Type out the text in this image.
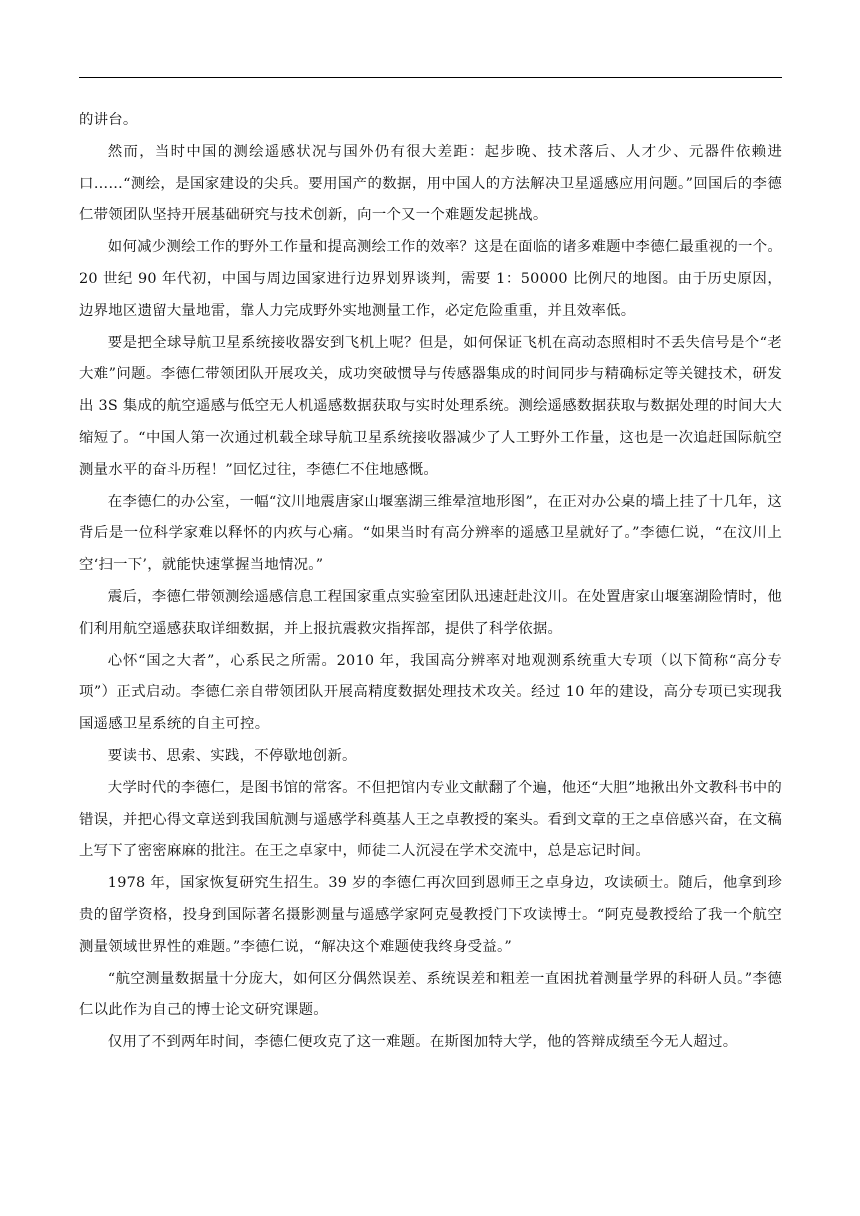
的讲台。

然而，当时中国的测绘遥感状况与国外仍有很大差距：起步晚、技术落后、人才少、元器件依赖进口……“测绘，是国家建设的尖兵。要用国产的数据，用中国人的方法解决卫星遥感应用问题。”回国后的李德仁带领团队坚持开展基础研究与技术创新，向一个又一个难题发起挑战。

如何减少测绘工作的野外工作量和提高测绘工作的效率？这是在面临的诸多难题中李德仁最重视的一个。20 世纪 90 年代初，中国与周边国家进行边界划界谈判，需要 1：50000 比例尺的地图。由于历史原因，边界地区遗留大量地雷，靠人力完成野外实地测量工作，必定危险重重，并且效率低。

要是把全球导航卫星系统接收器安到飞机上呢？但是，如何保证飞机在高动态照相时不丢失信号是个“老大难”问题。李德仁带领团队开展攻关，成功突破惯导与传感器集成的时间同步与精确标定等关键技术，研发出 3S 集成的航空遥感与低空无人机遥感数据获取与实时处理系统。测绘遥感数据获取与数据处理的时间大大缩短了。“中国人第一次通过机载全球导航卫星系统接收器减少了人工野外工作量，这也是一次追赶国际航空测量水平的奋斗历程！”回忆过往，李德仁不住地感慨。

在李德仁的办公室，一幅“汶川地震唐家山堰塞湖三维晕渲地形图”，在正对办公桌的墙上挂了十几年，这背后是一位科学家难以释怀的内疚与心痛。“如果当时有高分辨率的遥感卫星就好了。”李德仁说，“在汶川上空‘扫一下’，就能快速掌握当地情况。”

震后，李德仁带领测绘遥感信息工程国家重点实验室团队迅速赶赴汶川。在处置唐家山堰塞湖险情时，他们利用航空遥感获取详细数据，并上报抗震救灾指挥部，提供了科学依据。

心怀“国之大者”，心系民之所需。2010 年，我国高分辨率对地观测系统重大专项（以下简称“高分专项”）正式启动。李德仁亲自带领团队开展高精度数据处理技术攻关。经过 10 年的建设，高分专项已实现我国遥感卫星系统的自主可控。

要读书、思索、实践，不停歇地创新。

大学时代的李德仁，是图书馆的常客。不但把馆内专业文献翻了个遍，他还“大胆”地揪出外文教科书中的错误，并把心得文章送到我国航测与遥感学科奠基人王之卓教授的案头。看到文章的王之卓倍感兴奋，在文稿上写下了密密麻麻的批注。在王之卓家中，师徒二人沉浸在学术交流中，总是忘记时间。

1978 年，国家恢复研究生招生。39 岁的李德仁再次回到恩师王之卓身边，攻读硕士。随后，他拿到珍贵的留学资格，投身到国际著名摄影测量与遥感学家阿克曼教授门下攻读博士。“阿克曼教授给了我一个航空测量领域世界性的难题。”李德仁说，“解决这个难题使我终身受益。”

“航空测量数据量十分庞大，如何区分偶然误差、系统误差和粗差一直困扰着测量学界的科研人员。”李德仁以此作为自己的博士论文研究课题。

仅用了不到两年时间，李德仁便攻克了这一难题。在斯图加特大学，他的答辩成绩至今无人超过。
